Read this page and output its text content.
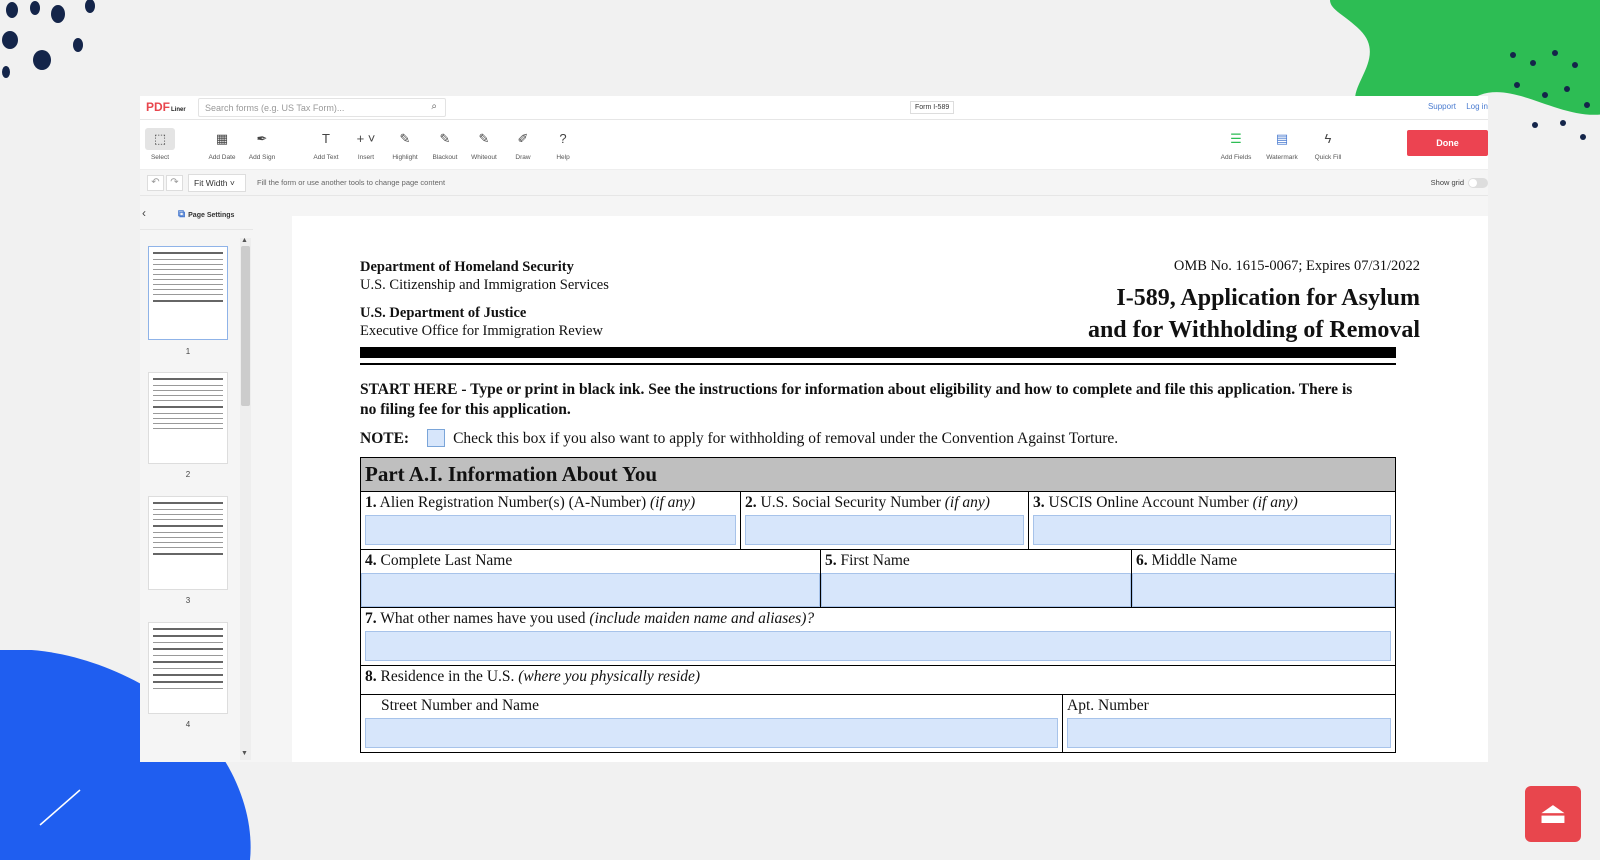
⏏
PDFLiner	Search forms (e.g. US Tax Form)...	⌕	Form I-589	Support Log in
⬚
Select
▦
Add Date
✒
Add Sign
T
Add Text
+ ˅
Insert
✎
Highlight
✎
Blackout
✎
Whiteout
✐
Draw
?
Help
☰
Add Fields
▤
Watermark
ϟ
Quick Fill
Done
↶	↷	Fit Width ˅	Fill the form or use another tools to change page content	Show grid
‹	⧉ Page Settings
1
2
3
4
▲
▼
Department of Homeland Security
U.S. Citizenship and Immigration Services
U.S. Department of Justice
Executive Office for Immigration Review
OMB No. 1615-0067; Expires 07/31/2022
I-589, Application for Asylum
and for Withholding of Removal
START HERE - Type or print in black ink. See the instructions for information about eligibility and how to complete and file this application. There is no filing fee for this application.
NOTE:	Check this box if you also want to apply for withholding of removal under the Convention Against Torture.
Part A.I. Information About You
1. Alien Registration Number(s) (A-Number) (if any)	2. U.S. Social Security Number (if any)	3. USCIS Online Account Number (if any)
4. Complete Last Name	5. First Name	6. Middle Name
7. What other names have you used (include maiden name and aliases)?
8. Residence in the U.S. (where you physically reside)
Street Number and Name	Apt. Number
